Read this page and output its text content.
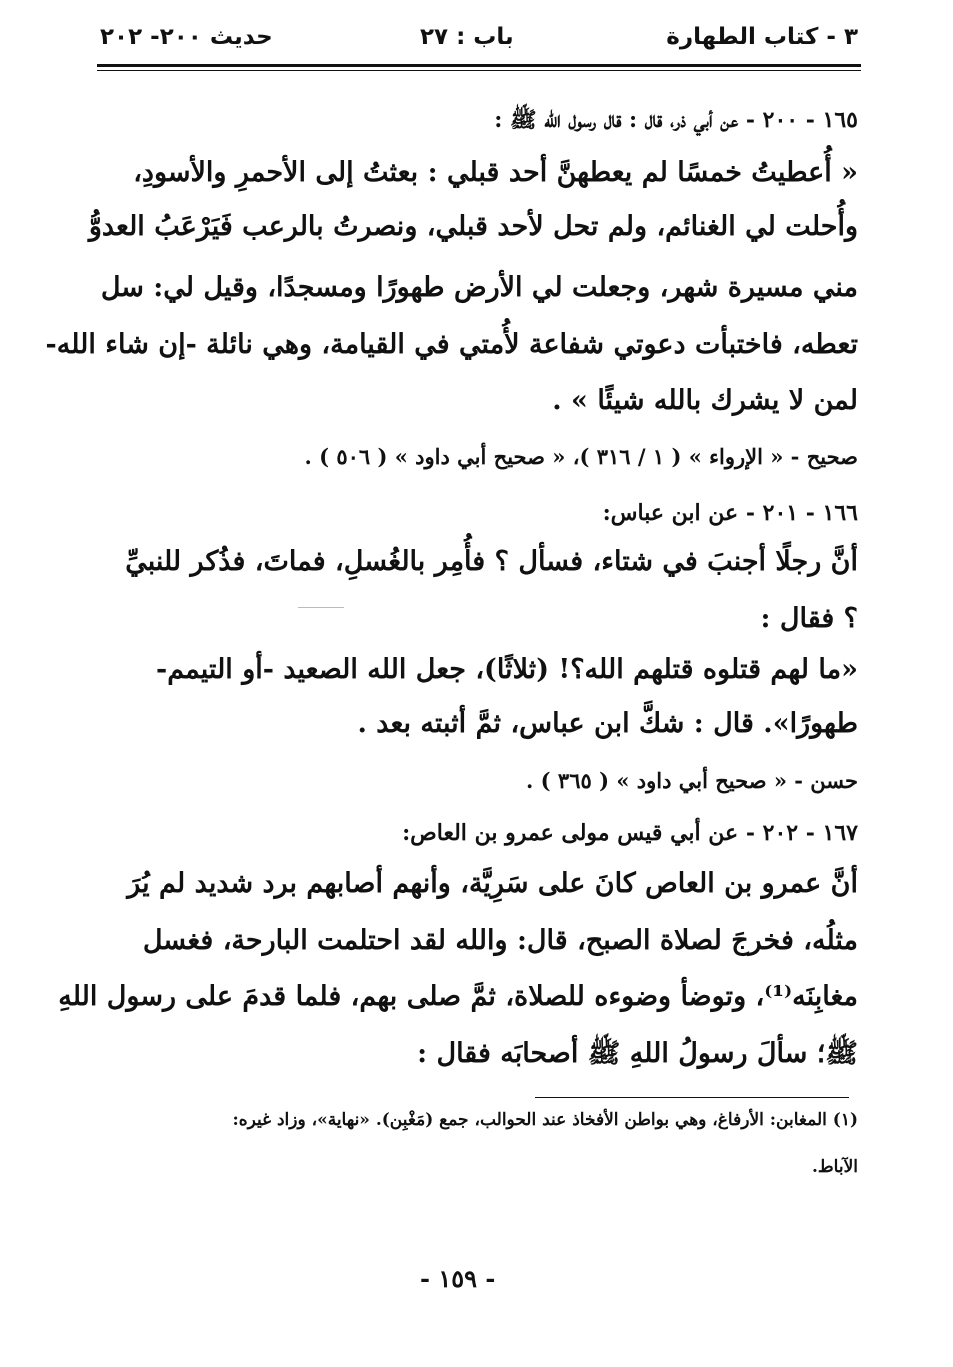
٣ - كتاب الطهارة
باب : ٢٧
حديث ٢٠٠- ٢٠٢
١٦٥ - ٢٠٠ - عن أبي ذر، قال : قال رسول الله ﷺ :
« أُعطيتُ خمسًا لم يعطهنَّ أحد قبلي : بعثتُ إلى الأحمرِ والأسودِ،
وأُحلت لي الغنائم، ولم تحل لأحد قبلي، ونصرتُ بالرعب فَيَرْعَبُ العدوُّ
مني مسيرة شهر، وجعلت لي الأرض طهورًا ومسجدًا، وقيل لي: سل
تعطه، فاختبأت دعوتي شفاعة لأُمتي في القيامة، وهي نائلة -إن شاء الله-
لمن لا يشرك بالله شيئًا » .
صحيح - « الإرواء » ( ١ / ٣١٦ )، « صحيح أبي داود » ( ٥٠٦ ) .
١٦٦ - ٢٠١ - عن ابن عباس:
أنَّ رجلًا أجنبَ في شتاء، فسأل ؟ فأُمِر بالغُسلِ، فماتَ، فذُكر للنبيِّ
؟ فقال :
«ما لهم قتلوه قتلهم الله؟! (ثلاثًا)، جعل الله الصعيد -أو التيمم-
طهورًا». قال : شكَّ ابن عباس، ثمَّ أثبته بعد .
حسن - « صحيح أبي داود » ( ٣٦٥ ) .
١٦٧ - ٢٠٢ - عن أبي قيس مولى عمرو بن العاص:
أنَّ عمرو بن العاص كانَ على سَرِيَّة، وأنهم أصابهم برد شديد لم يُرَ
مثلُه، فخرجَ لصلاة الصبح، قال: والله لقد احتلمت البارحة، فغسل
مغابِنَه⁽¹⁾، وتوضأ وضوءه للصلاة، ثمَّ صلى بهم، فلما قدمَ على رسول اللهِ
ﷺ؛ سألَ رسولُ اللهِ ﷺ أصحابَه فقال :
(١) المغابن: الأرفاغ، وهي بواطن الأفخاذ عند الحوالب، جمع (مَغْبِن). «نهاية»، وزاد غيره:
الآباط.
- ١٥٩ -
